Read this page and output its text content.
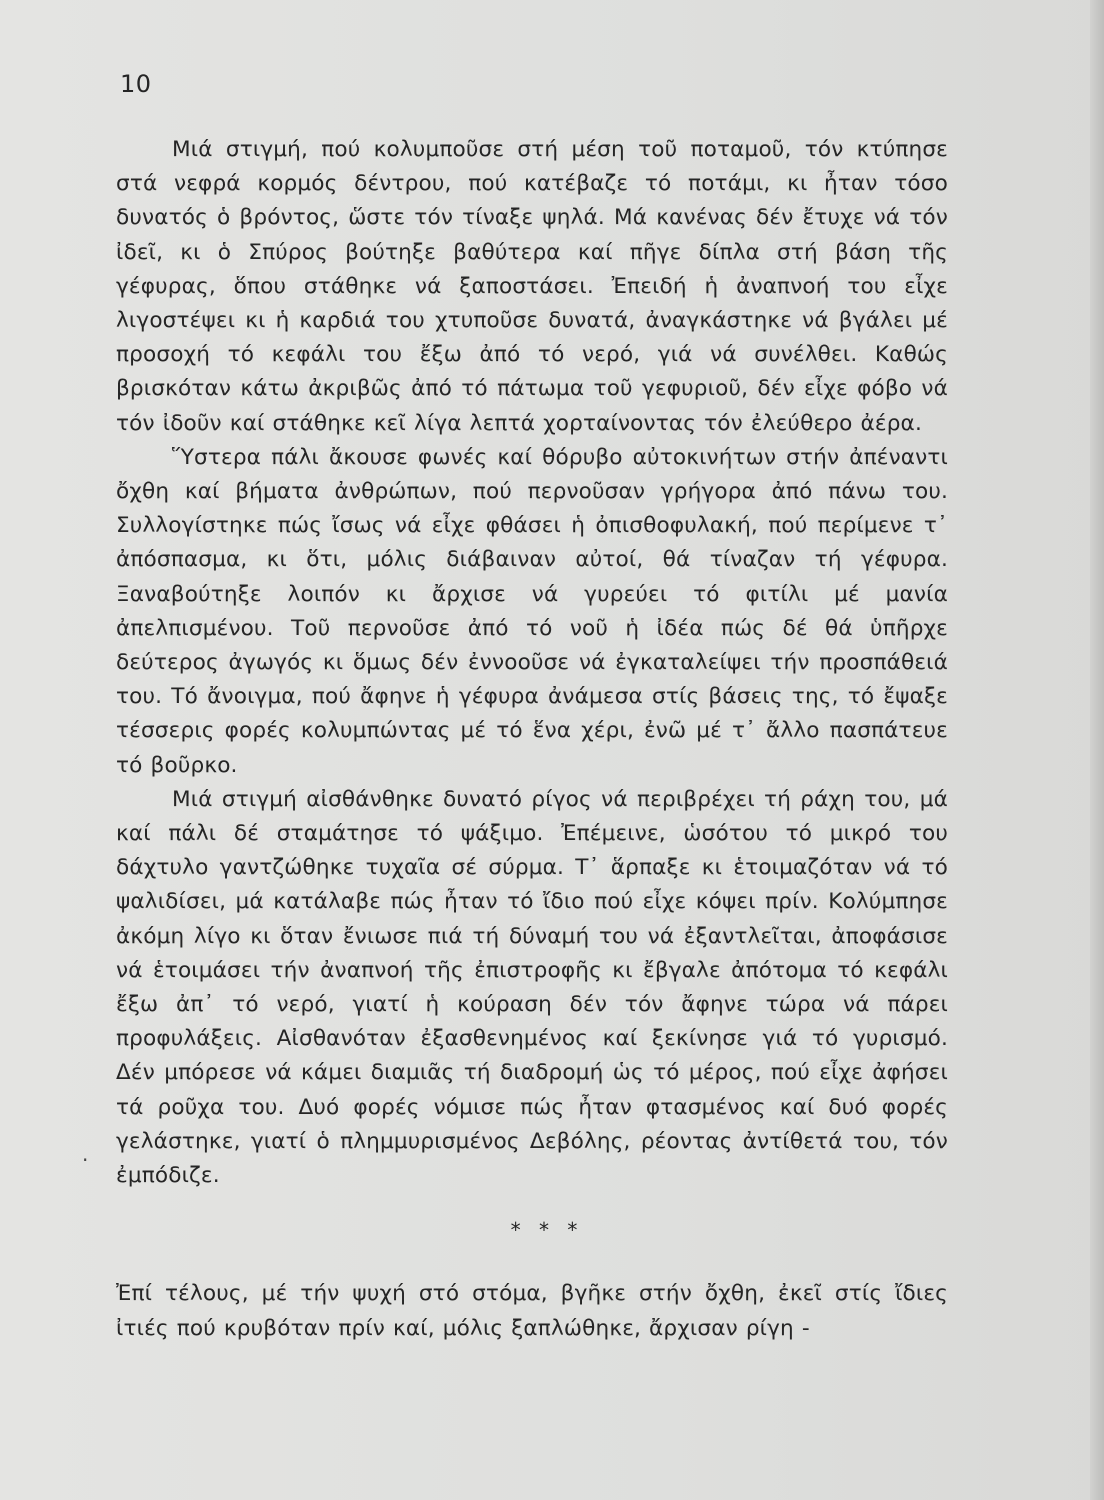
10

Μιά στιγμή, πού κολυμποῦσε στή μέση τοῦ ποταμοῦ, τόν κτύπησε στά νεφρά κορμός δέντρου, πού κατέβαζε τό ποτάμι, κι ἦταν τόσο δυνατός ὁ βρόντος, ὥστε τόν τίναξε ψηλά. Μά κανένας δέν ἔτυχε νά τόν ἰδεῖ, κι ὁ Σπύρος βούτηξε βαθύτερα καί πῆγε δίπλα στή βάση τῆς γέφυρας, ὅπου στάθηκε νά ξαποστάσει. Ἐπειδή ἡ ἀναπνοή του εἶχε λιγοστέψει κι ἡ καρδιά του χτυποῦσε δυνατά, ἀναγκάστηκε νά βγάλει μέ προσοχή τό κεφάλι του ἔξω ἀπό τό νερό, γιά νά συνέλθει. Καθώς βρισκόταν κάτω ἀκριβῶς ἀπό τό πάτωμα τοῦ γεφυριοῦ, δέν εἶχε φόβο νά τόν ἰδοῦν καί στάθηκε κεῖ λίγα λεπτά χορταίνοντας τόν ἐλεύθερο ἀέρα.

Ὕστερα πάλι ἄκουσε φωνές καί θόρυβο αὐτοκινήτων στήν ἀπέναντι ὄχθη καί βήματα ἀνθρώπων, πού περνοῦσαν γρήγορα ἀπό πάνω του. Συλλογίστηκε πώς ἴσως νά εἶχε φθάσει ἡ ὀπισθοφυλακή, πού περίμενε τ᾿ ἀπόσπασμα, κι ὅτι, μόλις διάβαιναν αὐτοί, θά τίναζαν τή γέφυρα. Ξαναβούτηξε λοιπόν κι ἄρχισε νά γυρεύει τό φιτίλι μέ μανία ἀπελπισμένου. Τοῦ περνοῦσε ἀπό τό νοῦ ἡ ἰδέα πώς δέ θά ὑπῆρχε δεύτερος ἀγωγός κι ὅμως δέν ἐννοοῦσε νά ἐγκαταλείψει τήν προσπάθειά του. Τό ἄνοιγμα, πού ἄφηνε ἡ γέφυρα ἀνάμεσα στίς βάσεις της, τό ἔψαξε τέσσερις φορές κολυμπώντας μέ τό ἕνα χέρι, ἐνῶ μέ τ᾿ ἄλλο πασπάτευε τό βοῦρκο.

Μιά στιγμή αἰσθάνθηκε δυνατό ρίγος νά περιβρέχει τή ράχη του, μά καί πάλι δέ σταμάτησε τό ψάξιμο. Ἐπέμεινε, ὡσότου τό μικρό του δάχτυλο γαντζώθηκε τυχαῖα σέ σύρμα. Τ᾿ ἅρπαξε κι ἑτοιμαζόταν νά τό ψαλιδίσει, μά κατάλαβε πώς ἦταν τό ἴδιο πού εἶχε κόψει πρίν. Κολύμπησε ἀκόμη λίγο κι ὅταν ἔνιωσε πιά τή δύναμή του νά ἐξαντλεῖται, ἀποφάσισε νά ἑτοιμάσει τήν ἀναπνοή τῆς ἐπιστροφῆς κι ἔβγαλε ἀπότομα τό κεφάλι ἔξω ἀπ᾿ τό νερό, γιατί ἡ κούραση δέν τόν ἄφηνε τώρα νά πάρει προφυλάξεις. Αἰσθανόταν ἐξασθενημένος καί ξεκίνησε γιά τό γυρισμό. Δέν μπόρεσε νά κάμει διαμιᾶς τή διαδρομή ὡς τό μέρος, πού εἶχε ἀφήσει τά ροῦχα του. Δυό φορές νόμισε πώς ἦταν φτασμένος καί δυό φορές γελάστηκε, γιατί ὁ πλημμυρισμένος Δεβόλης, ρέοντας ἀντίθετά του, τόν ἐμπόδιζε.

* * *

Ἐπί τέλους, μέ τήν ψυχή στό στόμα, βγῆκε στήν ὄχθη, ἐκεῖ στίς ἴδιες ἰτιές πού κρυβόταν πρίν καί, μόλις ξαπλώθηκε, ἄρχισαν ρίγη -

·
